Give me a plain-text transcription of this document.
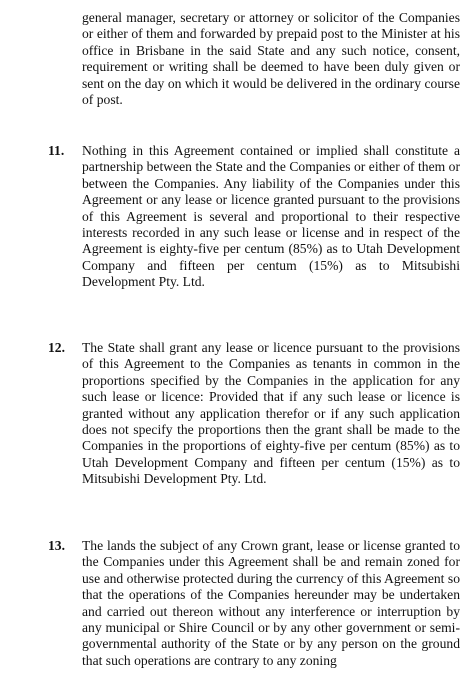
general manager, secretary or attorney or solicitor of the Companies or either of them and forwarded by prepaid post to the Minister at his office in Brisbane in the said State and any such notice, consent, requirement or writing shall be deemed to have been duly given or sent on the day on which it would be delivered in the ordinary course of post.

11. Nothing in this Agreement contained or implied shall constitute a partnership between the State and the Companies or either of them or between the Companies. Any liability of the Companies under this Agreement or any lease or licence granted pursuant to the provisions of this Agreement is several and proportional to their respective interests recorded in any such lease or license and in respect of the Agreement is eighty-five per centum (85%) as to Utah Development Company and fifteen per centum (15%) as to Mitsubishi Development Pty. Ltd.

12. The State shall grant any lease or licence pursuant to the provisions of this Agreement to the Companies as tenants in common in the proportions specified by the Companies in the application for any such lease or licence: Provided that if any such lease or licence is granted without any application therefor or if any such application does not specify the proportions then the grant shall be made to the Companies in the proportions of eighty-five per centum (85%) as to Utah Development Company and fifteen per centum (15%) as to Mitsubishi Development Pty. Ltd.

13. The lands the subject of any Crown grant, lease or license granted to the Companies under this Agreement shall be and remain zoned for use and otherwise protected during the currency of this Agreement so that the operations of the Companies hereunder may be undertaken and carried out thereon without any interference or interruption by any municipal or Shire Council or by any other government or semi-governmental authority of the State or by any person on the ground that such operations are contrary to any zoning
